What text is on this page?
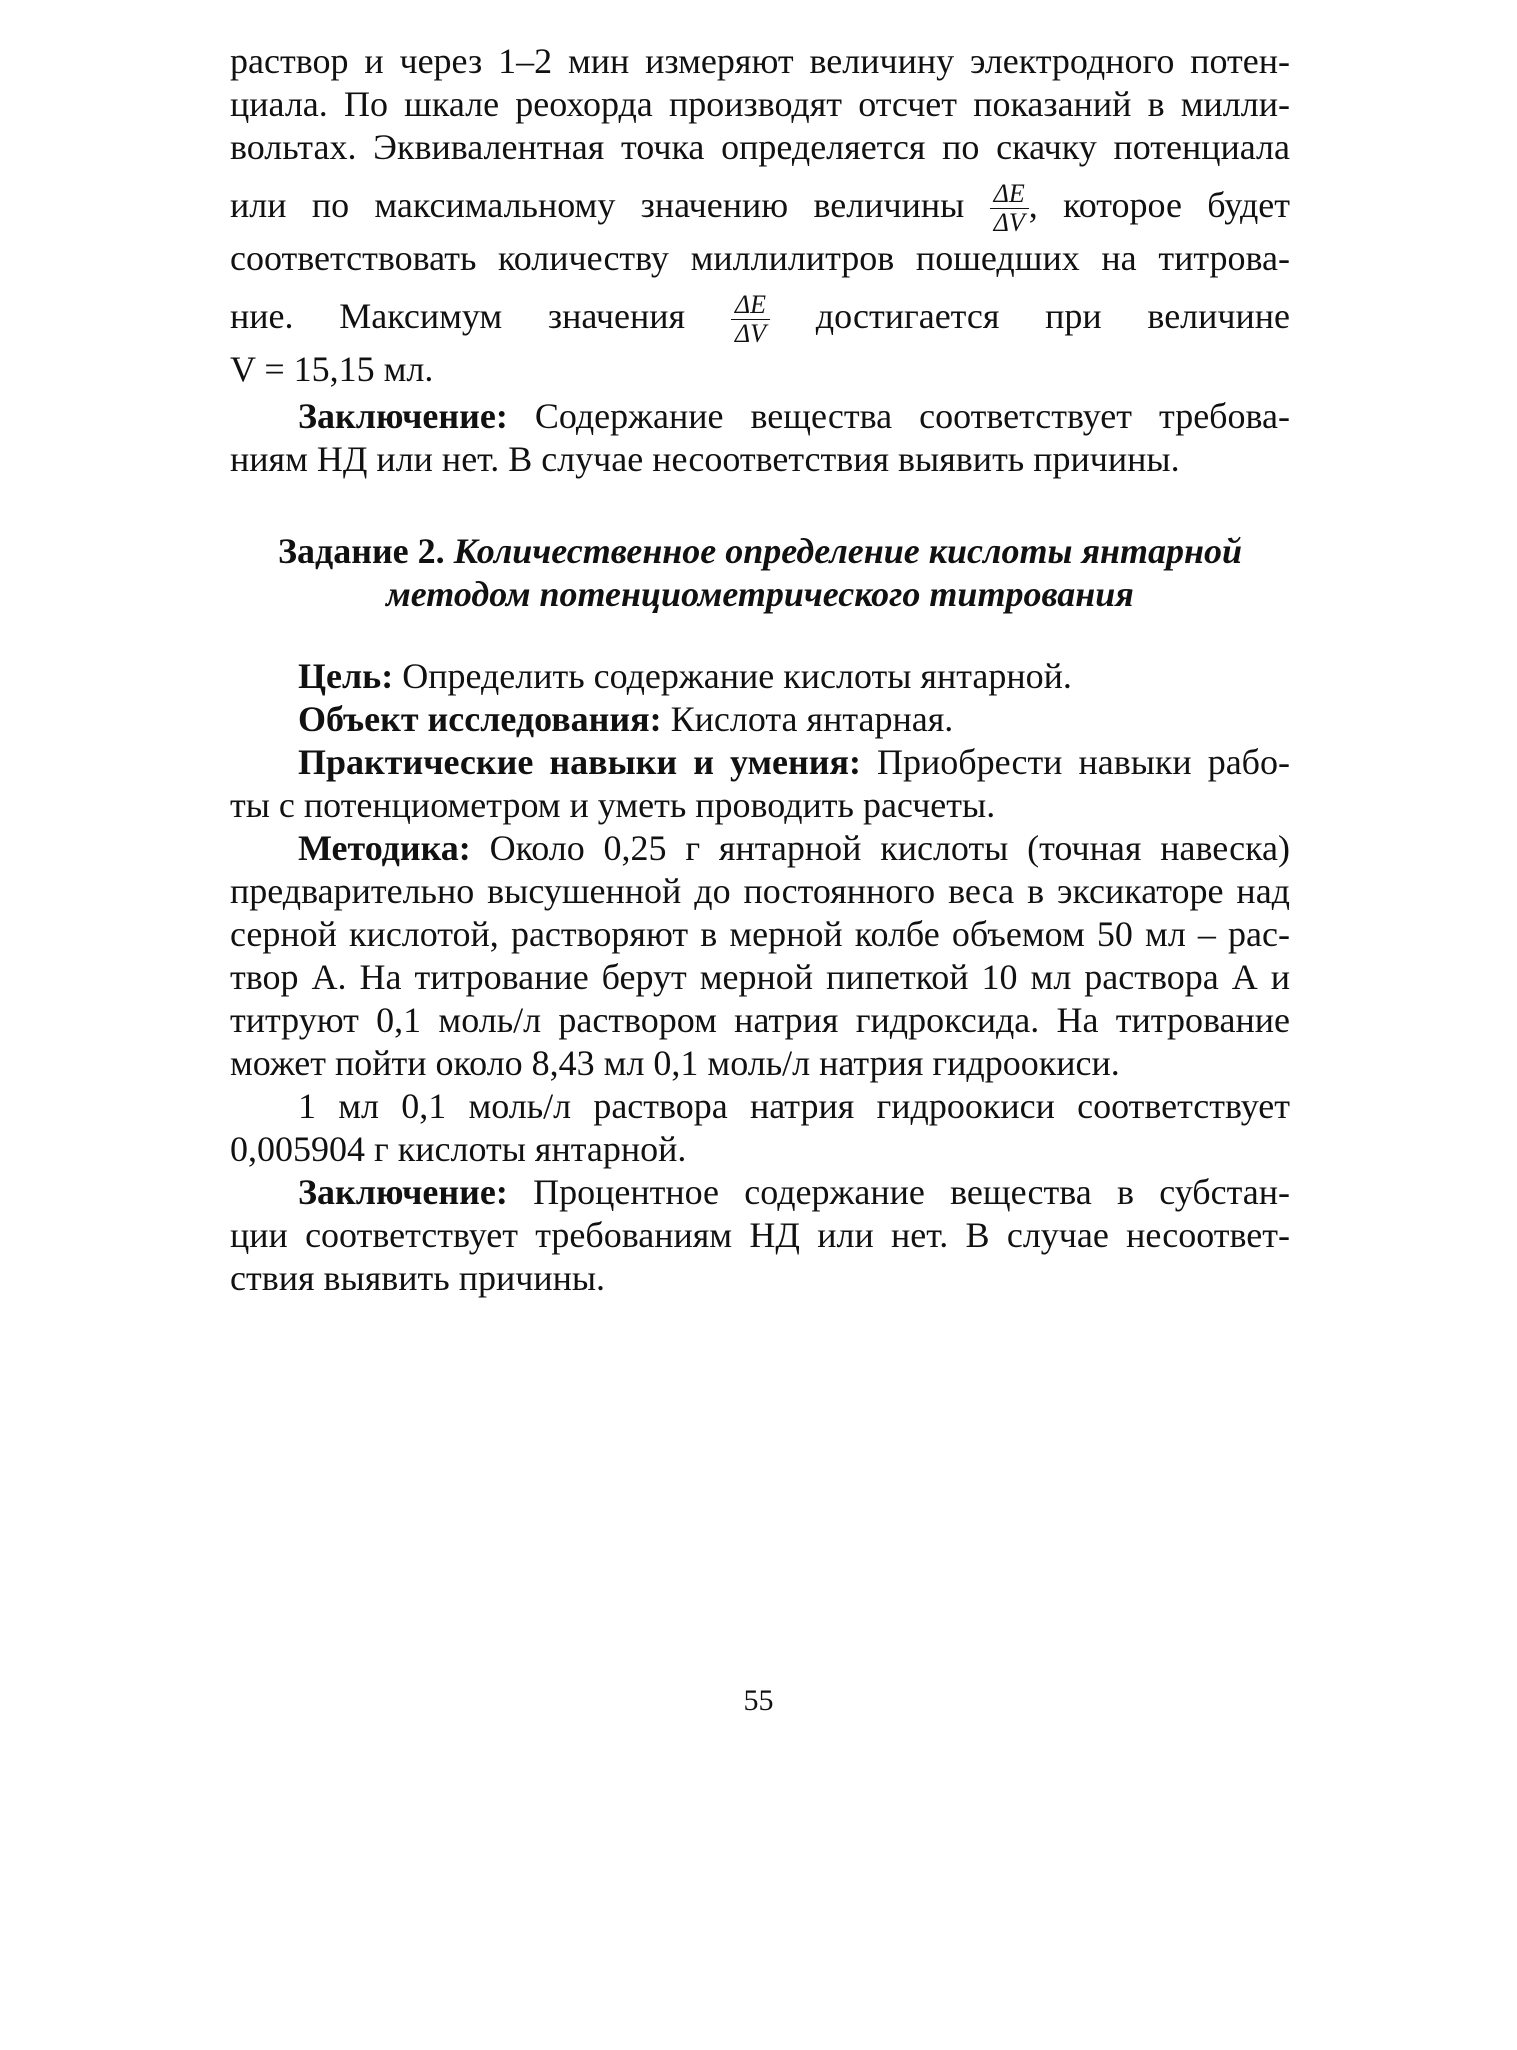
раствор и через 1–2 мин измеряют величину электродного потен-
циала. По шкале реохорда производят отсчет показаний в милли-
вольтах. Эквивалентная точка определяется по скачку потенциала
или по максимальному значению величины $\frac{\Delta E}{\Delta V}$ , которое будет
соответствовать количеству миллилитров пошедших на титрова-
ние. Максимум значения $\frac{\Delta E}{\Delta V}$ достигается при величине
V = 15,15 мл.
Заключение: Содержание вещества соответствует требова-
ниям НД или нет. В случае несоответствия выявить причины.
Задание 2. Количественное определение кислоты янтарной
методом потенциометрического титрования
Цель: Определить содержание кислоты янтарной.
Объект исследования: Кислота янтарная.
Практические навыки и умения: Приобрести навыки рабо-
ты с потенциометром и уметь проводить расчеты.
Методика: Около 0,25 г янтарной кислоты (точная навеска)
предварительно высушенной до постоянного веса в эксикаторе над
серной кислотой, растворяют в мерной колбе объемом 50 мл – рас-
твор А. На титрование берут мерной пипеткой 10 мл раствора А и
титруют 0,1 моль/л раствором натрия гидроксида. На титрование
может пойти около 8,43 мл 0,1 моль/л натрия гидроокиси.
1 мл 0,1 моль/л раствора натрия гидроокиси соответствует
0,005904 г кислоты янтарной.
Заключение: Процентное содержание вещества в субстан-
ции соответствует требованиям НД или нет. В случае несоответ-
ствия выявить причины.
55
